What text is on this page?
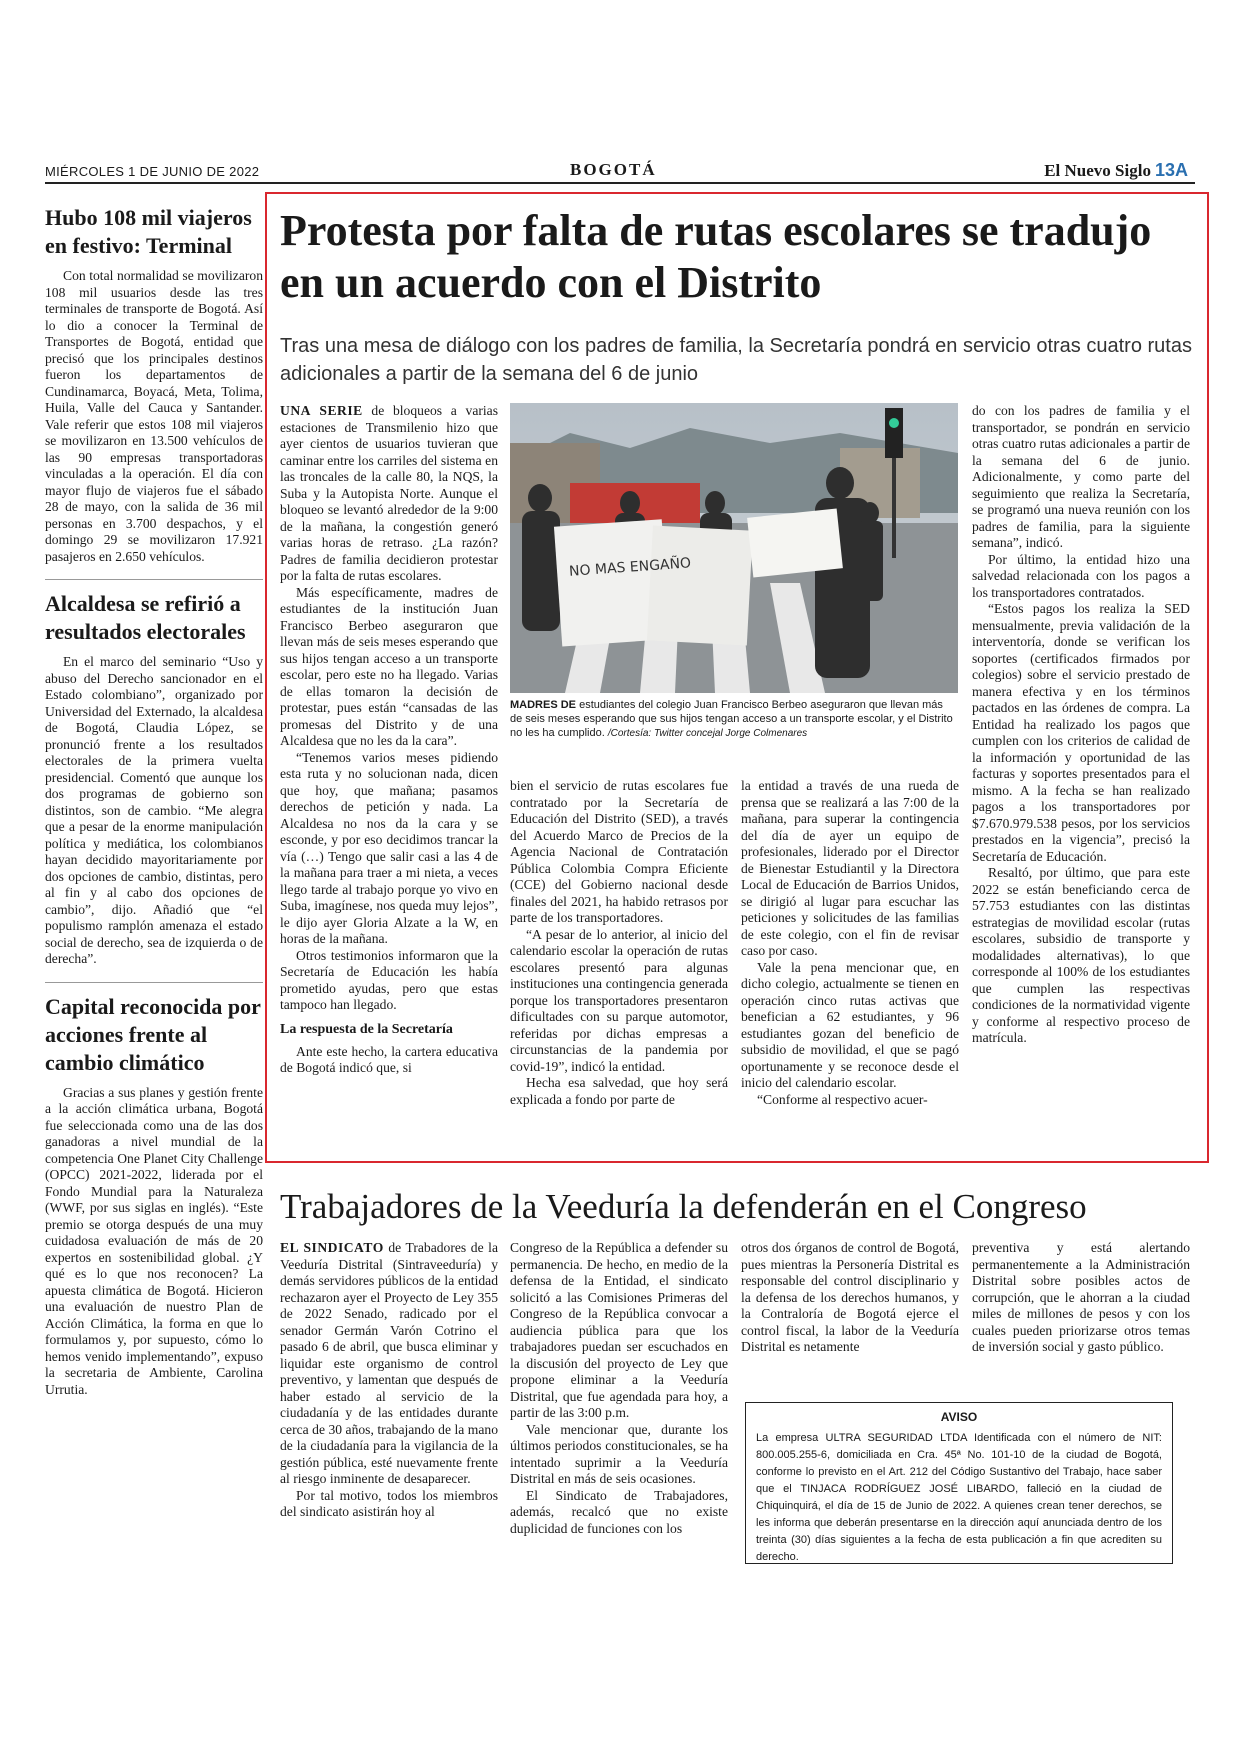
MIÉRCOLES 1 DE JUNIO DE 2022	BOGOTÁ	El Nuevo Siglo 13A
Hubo 108 mil viajeros en festivo: Terminal

Con total normalidad se movilizaron 108 mil usuarios desde las tres terminales de transporte de Bogotá. Así lo dio a conocer la Terminal de Transportes de Bogotá, entidad que precisó que los principales destinos fueron los departamentos de Cundinamarca, Boyacá, Meta, Tolima, Huila, Valle del Cauca y Santander. Vale referir que estos 108 mil viajeros se movilizaron en 13.500 vehículos de las 90 empresas transportadoras vinculadas a la operación. El día con mayor flujo de viajeros fue el sábado 28 de mayo, con la salida de 36 mil personas en 3.700 despachos, y el domingo 29 se movilizaron 17.921 pasajeros en 2.650 vehículos.

Alcaldesa se refirió a resultados electorales

En el marco del seminario “Uso y abuso del Derecho sancionador en el Estado colombiano”, organizado por Universidad del Externado, la alcaldesa de Bogotá, Claudia López, se pronunció frente a los resultados electorales de la primera vuelta presidencial. Comentó que aunque los dos programas de gobierno son distintos, son de cambio. “Me alegra que a pesar de la enorme manipulación política y mediática, los colombianos hayan decidido mayoritariamente por dos opciones de cambio, distintas, pero al fin y al cabo dos opciones de cambio”, dijo. Añadió que “el populismo ramplón amenaza el estado social de derecho, sea de izquierda o de derecha”.

Capital reconocida por acciones frente al cambio climático

Gracias a sus planes y gestión frente a la acción climática urbana, Bogotá fue seleccionada como una de las dos ganadoras a nivel mundial de la competencia One Planet City Challenge (OPCC) 2021-2022, liderada por el Fondo Mundial para la Naturaleza (WWF, por sus siglas en inglés). “Este premio se otorga después de una muy cuidadosa evaluación de más de 20 expertos en sostenibilidad global. ¿Y qué es lo que nos reconocen? La apuesta climática de Bogotá. Hicieron una evaluación de nuestro Plan de Acción Climática, la forma en que lo formulamos y, por supuesto, cómo lo hemos venido implementando”, expuso la secretaria de Ambiente, Carolina Urrutia.

Protesta por falta de rutas escolares se tradujo en un acuerdo con el Distrito
Tras una mesa de diálogo con los padres de familia, la Secretaría pondrá en servicio otras cuatro rutas adicionales a partir de la semana del 6 de junio

UNA SERIE de bloqueos a varias estaciones de Transmilenio hizo que ayer cientos de usuarios tuvieran que caminar entre los carriles del sistema en las troncales de la calle 80, la NQS, la Suba y la Autopista Norte. Aunque el bloqueo se levantó alrededor de la 9:00 de la mañana, la congestión generó varias horas de retraso. ¿La razón? Padres de familia decidieron protestar por la falta de rutas escolares.

Más específicamente, madres de estudiantes de la institución Juan Francisco Berbeo aseguraron que llevan más de seis meses esperando que sus hijos tengan acceso a un transporte escolar, pero este no ha llegado. Varias de ellas tomaron la decisión de protestar, pues están “cansadas de las promesas del Distrito y de una Alcaldesa que no les da la cara”.

“Tenemos varios meses pidiendo esta ruta y no solucionan nada, dicen que hoy, que mañana; pasamos derechos de petición y nada. La Alcaldesa no nos da la cara y se esconde, y por eso decidimos trancar la vía (…) Tengo que salir casi a las 4 de la mañana para traer a mi nieta, a veces llego tarde al trabajo porque yo vivo en Suba, imagínese, nos queda muy lejos”, le dijo ayer Gloria Alzate a la W, en horas de la mañana.

Otros testimonios informaron que la Secretaría de Educación les había prometido ayudas, pero que estas tampoco han llegado.

La respuesta de la Secretaría

Ante este hecho, la cartera educativa de Bogotá indicó que, si

NO MAS ENGAÑO
MADRES DE estudiantes del colegio Juan Francisco Berbeo aseguraron que llevan más de seis meses esperando que sus hijos tengan acceso a un transporte escolar, y el Distrito no les ha cumplido. /Cortesía: Twitter concejal Jorge Colmenares

bien el servicio de rutas escolares fue contratado por la Secretaría de Educación del Distrito (SED), a través del Acuerdo Marco de Precios de la Agencia Nacional de Contratación Pública Colombia Compra Eficiente (CCE) del Gobierno nacional desde finales del 2021, ha habido retrasos por parte de los transportadores.

“A pesar de lo anterior, al inicio del calendario escolar la operación de rutas escolares presentó para algunas instituciones una contingencia generada porque los transportadores presentaron dificultades con su parque automotor, referidas por dichas empresas a circunstancias de la pandemia por covid-19”, indicó la entidad.

Hecha esa salvedad, que hoy será explicada a fondo por parte de

la entidad a través de una rueda de prensa que se realizará a las 7:00 de la mañana, para superar la contingencia del día de ayer un equipo de profesionales, liderado por el Director de Bienestar Estudiantil y la Directora Local de Educación de Barrios Unidos, se dirigió al lugar para escuchar las peticiones y solicitudes de las familias de este colegio, con el fin de revisar caso por caso.

Vale la pena mencionar que, en dicho colegio, actualmente se tienen en operación cinco rutas activas que benefician a 62 estudiantes, y 96 estudiantes gozan del beneficio de subsidio de movilidad, el que se pagó oportunamente y se reconoce desde el inicio del calendario escolar.

“Conforme al respectivo acuer-

do con los padres de familia y el transportador, se pondrán en servicio otras cuatro rutas adicionales a partir de la semana del 6 de junio. Adicionalmente, y como parte del seguimiento que realiza la Secretaría, se programó una nueva reunión con los padres de familia, para la siguiente semana”, indicó.

Por último, la entidad hizo una salvedad relacionada con los pagos a los transportadores contratados.

“Estos pagos los realiza la SED mensualmente, previa validación de la interventoría, donde se verifican los soportes (certificados firmados por colegios) sobre el servicio prestado de manera efectiva y en los términos pactados en las órdenes de compra. La Entidad ha realizado los pagos que cumplen con los criterios de calidad de la información y oportunidad de las facturas y soportes presentados para el mismo. A la fecha se han realizado pagos a los transportadores por $7.670.979.538 pesos, por los servicios prestados en la vigencia”, precisó la Secretaría de Educación.

Resaltó, por último, que para este 2022 se están beneficiando cerca de 57.753 estudiantes con las distintas estrategias de movilidad escolar (rutas escolares, subsidio de transporte y modalidades alternativas), lo que corresponde al 100% de los estudiantes que cumplen las respectivas condiciones de la normatividad vigente y conforme al respectivo proceso de matrícula.

Trabajadores de la Veeduría la defenderán en el Congreso

EL SINDICATO de Trabadores de la Veeduría Distrital (Sintraveeduría) y demás servidores públicos de la entidad rechazaron ayer el Proyecto de Ley 355 de 2022 Senado, radicado por el senador Germán Varón Cotrino el pasado 6 de abril, que busca eliminar y liquidar este organismo de control preventivo, y lamentan que después de haber estado al servicio de la ciudadanía y de las entidades durante cerca de 30 años, trabajando de la mano de la ciudadanía para la vigilancia de la gestión pública, esté nuevamente frente al riesgo inminente de desaparecer.

Por tal motivo, todos los miembros del sindicato asistirán hoy al

Congreso de la República a defender su permanencia. De hecho, en medio de la defensa de la Entidad, el sindicato solicitó a las Comisiones Primeras del Congreso de la República convocar a audiencia pública para que los trabajadores puedan ser escuchados en la discusión del proyecto de Ley que propone eliminar a la Veeduría Distrital, que fue agendada para hoy, a partir de las 3:00 p.m.

Vale mencionar que, durante los últimos periodos constitucionales, se ha intentado suprimir a la Veeduría Distrital en más de seis ocasiones.

El Sindicato de Trabajadores, además, recalcó que no existe duplicidad de funciones con los

otros dos órganos de control de Bogotá, pues mientras la Personería Distrital es responsable del control disciplinario y la defensa de los derechos humanos, y la Contraloría de Bogotá ejerce el control fiscal, la labor de la Veeduría Distrital es netamente

preventiva y está alertando permanentemente a la Administración Distrital sobre posibles actos de corrupción, que le ahorran a la ciudad miles de millones de pesos y con los cuales pueden priorizarse otros temas de inversión social y gasto público.

AVISO
La empresa ULTRA SEGURIDAD LTDA Identificada con el número de NIT: 800.005.255-6, domiciliada en Cra. 45ª No. 101-10 de la ciudad de Bogotá, conforme lo previsto en el Art. 212 del Código Sustantivo del Trabajo, hace saber que el TINJACA RODRÍGUEZ JOSÉ LIBARDO, falleció en la ciudad de Chiquinquirá, el día de 15 de Junio de 2022. A quienes crean tener derechos, se les informa que deberán presentarse en la dirección aquí anunciada dentro de los treinta (30) días siguientes a la fecha de esta publicación a fin que acrediten su derecho.
